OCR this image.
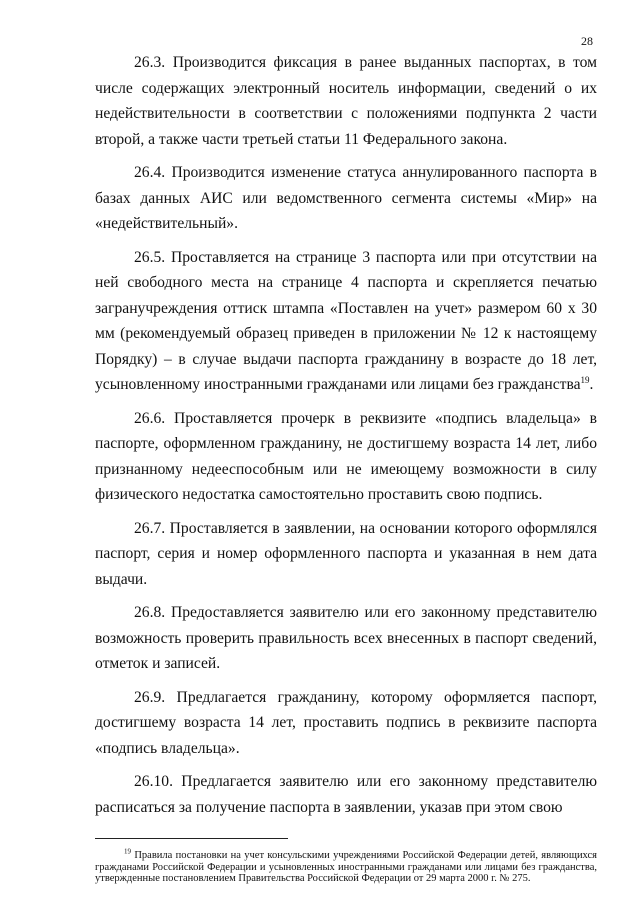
28

26.3. Производится фиксация в ранее выданных паспортах, в том числе содержащих электронный носитель информации, сведений о их недействительности в соответствии с положениями подпункта 2 части второй, а также части третьей статьи 11 Федерального закона.

26.4. Производится изменение статуса аннулированного паспорта в базах данных АИС или ведомственного сегмента системы «Мир» на «недействительный».

26.5. Проставляется на странице 3 паспорта или при отсутствии на ней свободного места на странице 4 паспорта и скрепляется печатью загранучреждения оттиск штампа «Поставлен на учет» размером 60 х 30 мм (рекомендуемый образец приведен в приложении № 12 к настоящему Порядку) – в случае выдачи паспорта гражданину в возрасте до 18 лет, усыновленному иностранными гражданами или лицами без гражданства$^{19}$.

26.6. Проставляется прочерк в реквизите «подпись владельца» в паспорте, оформленном гражданину, не достигшему возраста 14 лет, либо признанному недееспособным или не имеющему возможности в силу физического недостатка самостоятельно проставить свою подпись.

26.7. Проставляется в заявлении, на основании которого оформлялся паспорт, серия и номер оформленного паспорта и указанная в нем дата выдачи.

26.8. Предоставляется заявителю или его законному представителю возможность проверить правильность всех внесенных в паспорт сведений, отметок и записей.

26.9. Предлагается гражданину, которому оформляется паспорт, достигшему возраста 14 лет, проставить подпись в реквизите паспорта «подпись владельца».

26.10. Предлагается заявителю или его законному представителю расписаться за получение паспорта в заявлении, указав при этом свою

$^{19}$ Правила постановки на учет консульскими учреждениями Российской Федерации детей, являющихся гражданами Российской Федерации и усыновленных иностранными гражданами или лицами без гражданства, утвержденные постановлением Правительства Российской Федерации от 29 марта 2000 г. № 275.
